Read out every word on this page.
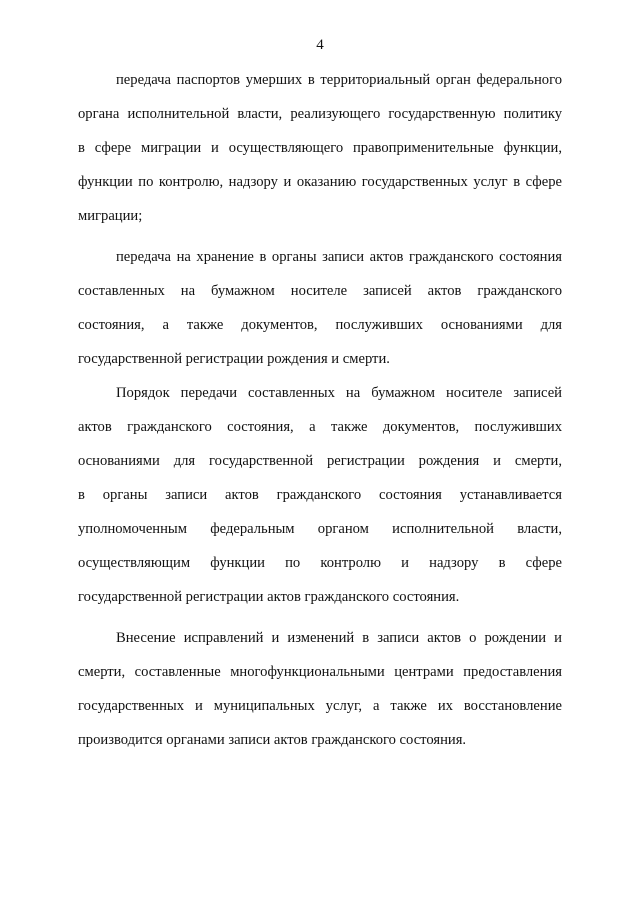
4
передача паспортов умерших в территориальный орган федерального
органа исполнительной власти, реализующего государственную политику
в сфере миграции и осуществляющего правоприменительные функции,
функции по контролю, надзору и оказанию государственных услуг в сфере
миграции;
передача на хранение в органы записи актов гражданского состояния
составленных на бумажном носителе записей актов гражданского
состояния, а также документов, послуживших основаниями для
государственной регистрации рождения и смерти.
Порядок передачи составленных на бумажном носителе записей
актов гражданского состояния, а также документов, послуживших
основаниями для государственной регистрации рождения и смерти,
в органы записи актов гражданского состояния устанавливается
уполномоченным федеральным органом исполнительной власти,
осуществляющим функции по контролю и надзору в сфере
государственной регистрации актов гражданского состояния.
Внесение исправлений и изменений в записи актов о рождении и
смерти, составленные многофункциональными центрами предоставления
государственных и муниципальных услуг, а также их восстановление
производится органами записи актов гражданского состояния.
